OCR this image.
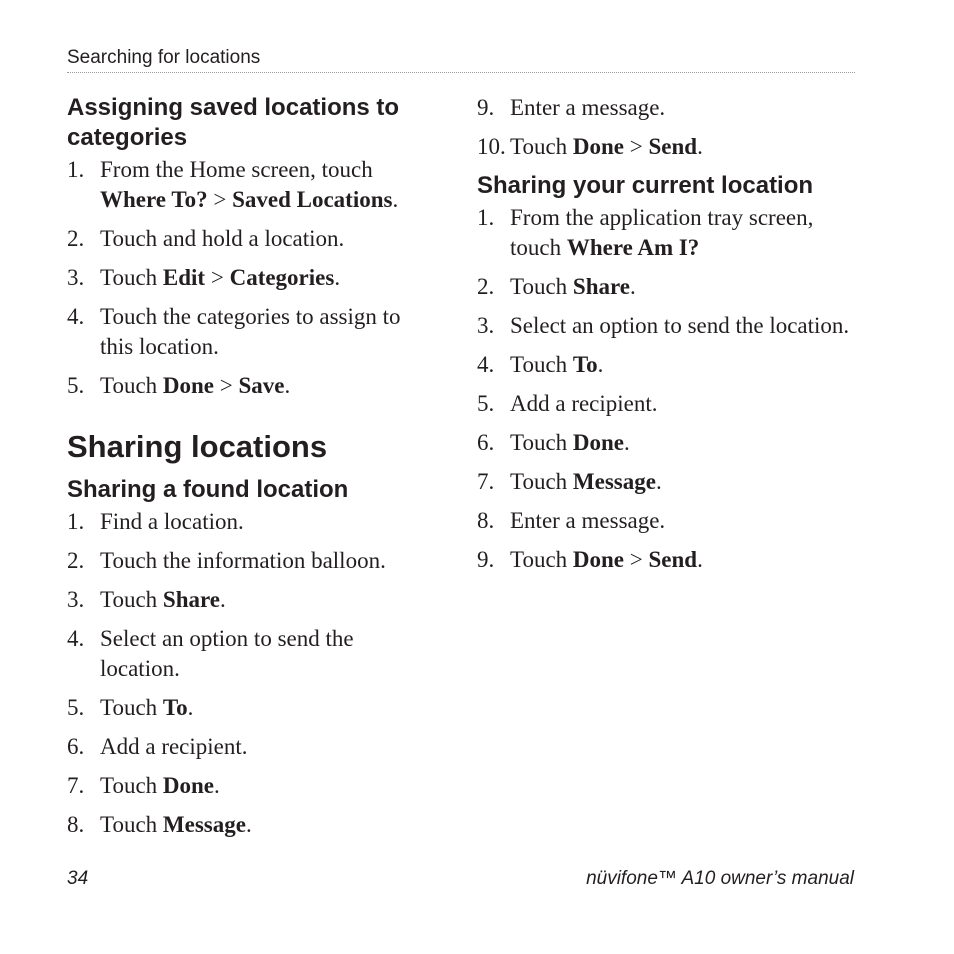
Searching for locations
Assigning saved locations to categories
1. From the Home screen, touch Where To? > Saved Locations.
2. Touch and hold a location.
3. Touch Edit > Categories.
4. Touch the categories to assign to this location.
5. Touch Done > Save.
Sharing locations
Sharing a found location
1. Find a location.
2. Touch the information balloon.
3. Touch Share.
4. Select an option to send the location.
5. Touch To.
6. Add a recipient.
7. Touch Done.
8. Touch Message.
9. Enter a message.
10. Touch Done > Send.
Sharing your current location
1. From the application tray screen, touch Where Am I?
2. Touch Share.
3. Select an option to send the location.
4. Touch To.
5. Add a recipient.
6. Touch Done.
7. Touch Message.
8. Enter a message.
9. Touch Done > Send.
34	nüvifone™ A10 owner’s manual
